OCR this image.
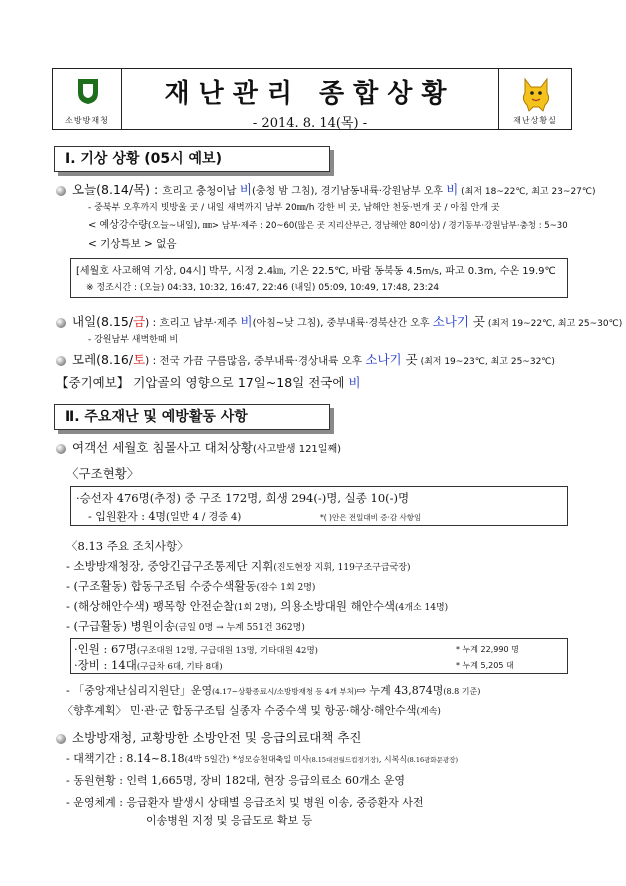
소방방재청
재난관리 종합상황
- 2014. 8. 14(목) -	재난상황실
Ⅰ. 기상 상황 (05시 예보)
오늘(8.14/목) : 흐리고 충청이남 비(충청 밤 그침), 경기남동내륙·강원남부 오후 비 (최저 18~22℃, 최고 23~27℃)
- 중북부 오후까지 빗방울 곳 / 내일 새벽까지 남부 20㎜/h 강한 비 곳, 남해안 천둥·번개 곳 / 아침 안개 곳
< 예상강수량(오늘~내일), ㎜> 남부·제주 : 20~60(많은 곳 지리산부근, 경남해안 80이상) / 경기동부·강원남부·충청 : 5~30
< 기상특보 > 없음
[세월호 사고해역 기상, 04시] 박무, 시정 2.4㎞, 기온 22.5℃, 바람 동북동 4.5m/s, 파고 0.3m, 수온 19.9℃
※ 정조시간 : (오늘) 04:33, 10:32, 16:47, 22:46 (내일) 05:09, 10:49, 17:48, 23:24
내일(8.15/금) : 흐리고 남부·제주 비(아침~낮 그침), 중부내륙·경북산간 오후 소나기 곳 (최저 19~22℃, 최고 25~30℃)
- 강원남부 새벽한때 비
모레(8.16/토) : 전국 가끔 구름많음, 중부내륙·경상내륙 오후 소나기 곳 (최저 19~23℃, 최고 25~32℃)
【중기예보】 기압골의 영향으로 17일~18일 전국에 비
Ⅱ. 주요재난 및 예방활동 사항
여객선 세월호 침몰사고 대처상황(사고발생 121일째)
〈구조현황〉
·승선자 476명(추정) 중 구조 172명, 희생 294(-)명, 실종 10(-)명
- 입원환자 : 4명(일반 4 / 경증 4)	*( )안은 전일대비 증·감 사항임
〈8.13 주요 조치사항〉
- 소방방재청장, 중앙긴급구조통제단 지휘(진도현장 지휘, 119구조구급국장)
- (구조활동) 합동구조팀 수중수색활동(잠수 1회 2명)
- (해상해안수색) 팽목항 안전순찰(1회 2명), 의용소방대원 해안수색(4개소 14명)
- (구급활동) 병원이송(금일 0명 → 누계 551건 362명)
·인원 : 67명(구조대원 12명, 구급대원 13명, 기타대원 42명)	* 누계 22,990 명
·장비 : 14대(구급차 6대, 기타 8대)	* 누계 5,205 대
- 「중앙재난심리지원단」운영(4.17~상황종료시/소방방재청 등 4개 부처)⇨ 누계 43,874명(8.8 기준)
〈향후계획〉 민·관·군 합동구조팀 실종자 수중수색 및 항공·해상·해안수색(계속)
소방방재청, 교황방한 소방안전 및 응급의료대책 추진
- 대책기간 : 8.14~8.18(4박 5일간) *성모승천대축일 미사(8.15대전월드컵경기장), 시복식(8.16광화문광장)
- 동원현황 : 인력 1,665명, 장비 182대, 현장 응급의료소 60개소 운영
- 운영체계 : 응급환자 발생시 상태별 응급조치 및 병원 이송, 중증환자 사전
이송병원 지정 및 응급도로 확보 등
